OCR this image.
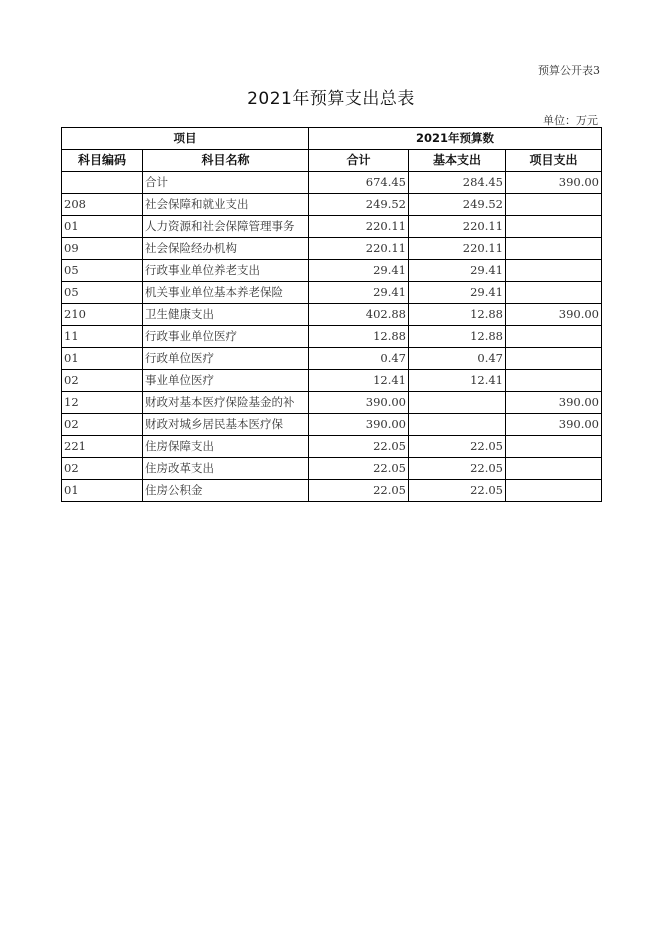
预算公开表3
2021年预算支出总表
单位：万元
项目		2021年预算数		
科目编码	科目名称	合计	基本支出	项目支出
	合计	674.45	284.45	390.00
208	社会保障和就业支出	249.52	249.52	
01	人力资源和社会保障管理事务	220.11	220.11	
09	社会保险经办机构	220.11	220.11	
05	行政事业单位养老支出	29.41	29.41	
05	机关事业单位基本养老保险	29.41	29.41	
210	卫生健康支出	402.88	12.88	390.00
11	行政事业单位医疗	12.88	12.88	
01	行政单位医疗	0.47	0.47	
02	事业单位医疗	12.41	12.41	
12	财政对基本医疗保险基金的补	390.00		390.00
02	财政对城乡居民基本医疗保	390.00		390.00
221	住房保障支出	22.05	22.05	
02	住房改革支出	22.05	22.05	
01	住房公积金	22.05	22.05	
